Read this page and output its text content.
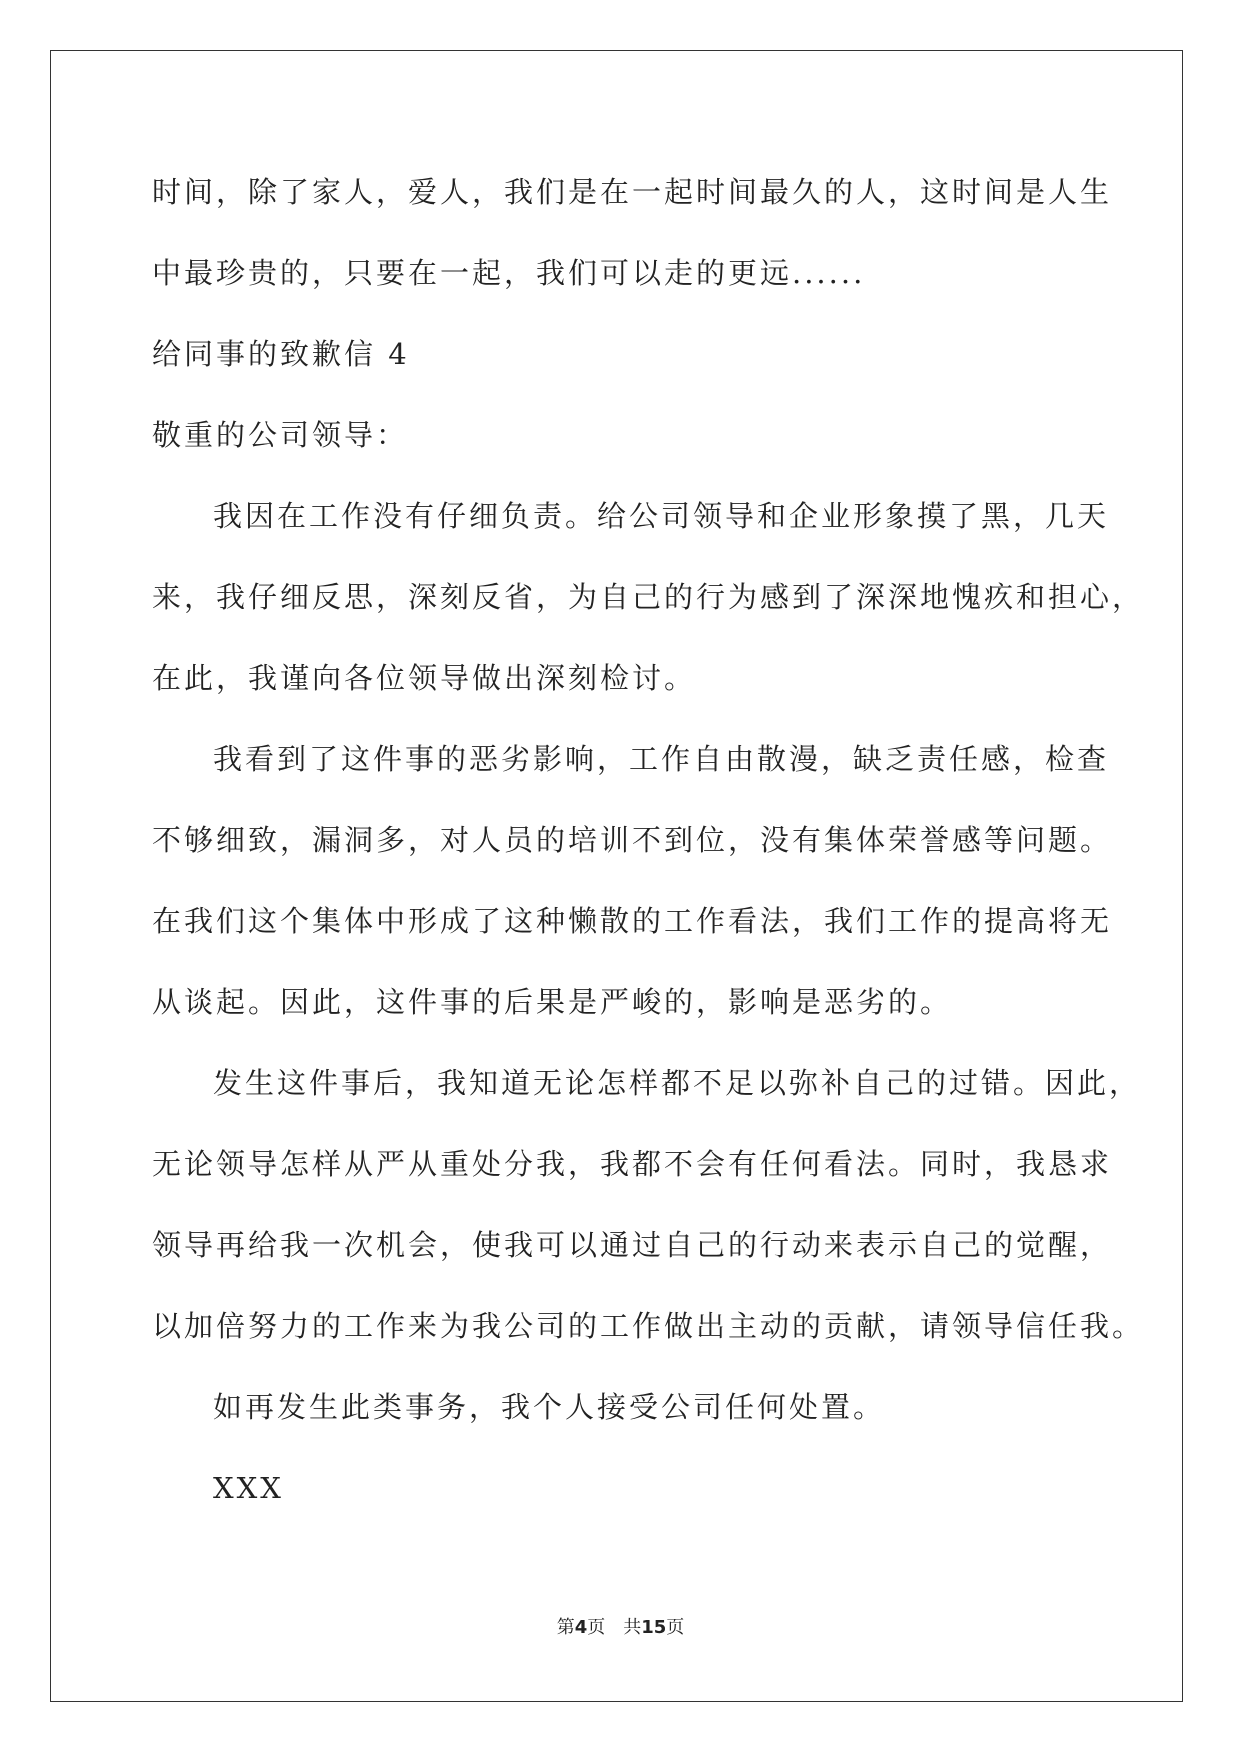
时间，除了家人，爱人，我们是在一起时间最久的人，这时间是人生
中最珍贵的，只要在一起，我们可以走的更远......
给同事的致歉信 4
敬重的公司领导：
我因在工作没有仔细负责。给公司领导和企业形象摸了黑，几天
来，我仔细反思，深刻反省，为自己的行为感到了深深地愧疚和担心，
在此，我谨向各位领导做出深刻检讨。
我看到了这件事的恶劣影响，工作自由散漫，缺乏责任感，检查
不够细致，漏洞多，对人员的培训不到位，没有集体荣誉感等问题。
在我们这个集体中形成了这种懒散的工作看法，我们工作的提高将无
从谈起。因此，这件事的后果是严峻的，影响是恶劣的。
发生这件事后，我知道无论怎样都不足以弥补自己的过错。因此，
无论领导怎样从严从重处分我，我都不会有任何看法。同时，我恳求
领导再给我一次机会，使我可以通过自己的行动来表示自己的觉醒，
以加倍努力的工作来为我公司的工作做出主动的贡献，请领导信任我。
如再发生此类事务，我个人接受公司任何处置。
XXX
第4页　共15页
